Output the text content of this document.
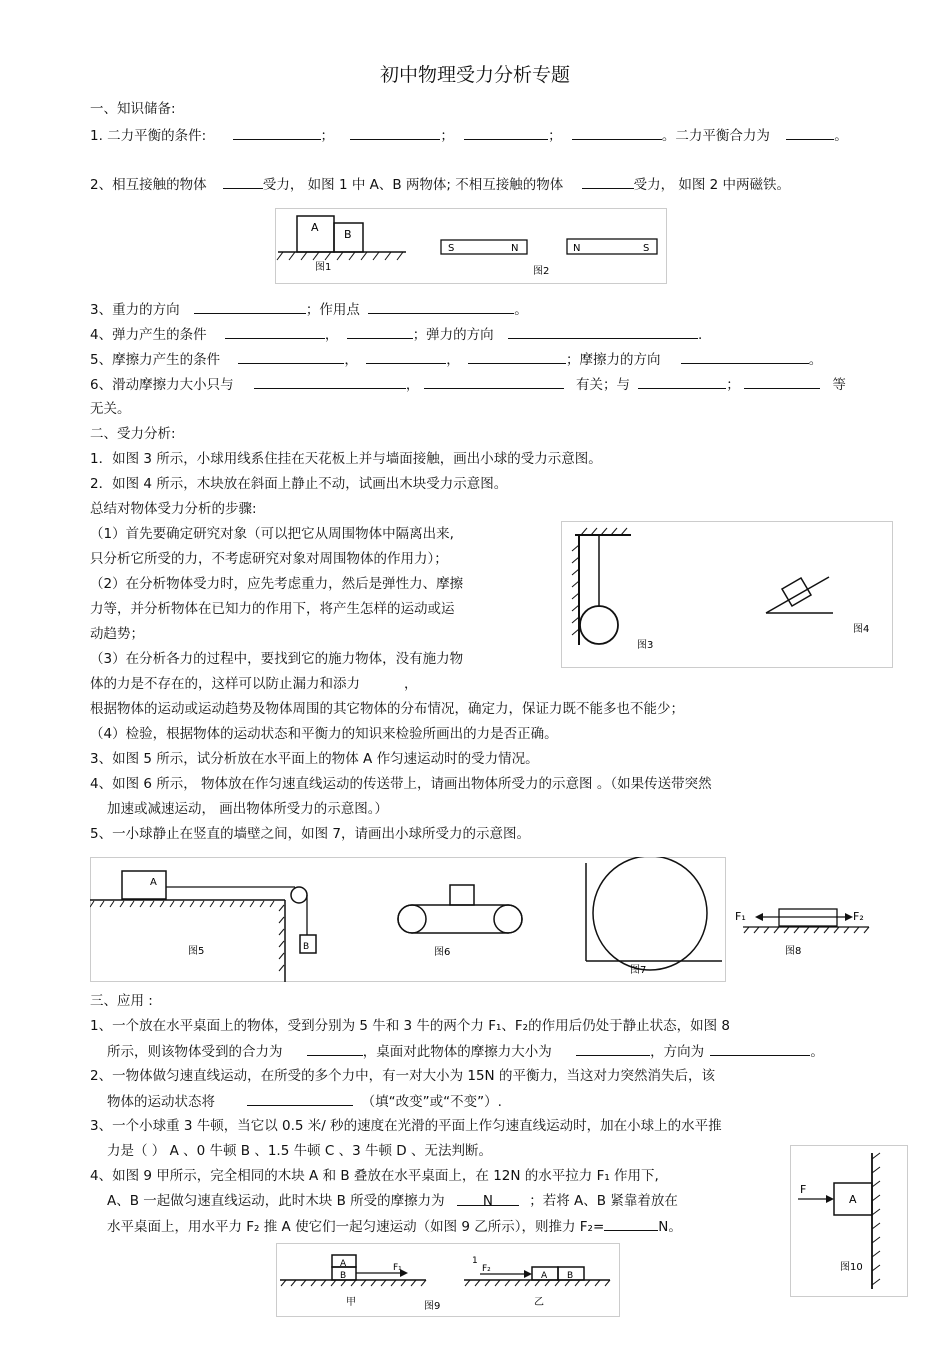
初中物理受力分析专题
一、知识储备:
1. 二力平衡的条件:	；	；	；	。二力平衡合力为	。
2、相互接触的物体	受力， 如图 1 中 A、B 两物体; 不相互接触的物体	受力， 如图 2 中两磁铁。
A
B
图1
S	N	N	S
图2
3、重力的方向	；作用点	。
4、弹力产生的条件	，	；弹力的方向	.
5、摩擦力产生的条件	，	，	；摩擦力的方向	。
6、滑动摩擦力大小只与	，	有关；与	；	等
无关。
二、受力分析:
1．如图 3 所示，小球用线系住挂在天花板上并与墙面接触，画出小球的受力示意图。
2．如图 4 所示，木块放在斜面上静止不动，试画出木块受力示意图。
总结对物体受力分析的步骤:
（1）首先要确定研究对象（可以把它从周围物体中隔离出来,
只分析它所受的力，不考虑研究对象对周围物体的作用力）；
（2）在分析物体受力时，应先考虑重力，然后是弹性力、摩擦
力等，并分析物体在已知力的作用下，将产生怎样的运动或运
动趋势；
（3）在分析各力的过程中，要找到它的施力物体，没有施力物
体的力是不存在的，这样可以防止漏力和添力	，
根据物体的运动或运动趋势及物体周围的其它物体的分布情况，确定力，保证力既不能多也不能少；
（4）检验，根据物体的运动状态和平衡力的知识来检验所画出的力是否正确。
3、如图 5 所示，试分析放在水平面上的物体 A 作匀速运动时的受力情况。
4、如图 6 所示， 物体放在作匀速直线运动的传送带上，请画出物体所受力的示意图 。（如果传送带突然
加速或减速运动， 画出物体所受力的示意图。）
5、一小球静止在竖直的墙壁之间，如图 7，请画出小球所受力的示意图。
图3
图4
A
B
图5	图6
图7
F₁	F₂
图8
三、应用 :
1、一个放在水平桌面上的物体，受到分别为 5 牛和 3 牛的两个力 F₁、F₂的作用后仍处于静止状态，如图 8
所示，则该物体受到的合力为	，桌面对此物体的摩擦力大小为	，方向为	。
2、一物体做匀速直线运动，在所受的多个力中，有一对大小为 15N 的平衡力，当这对力突然消失后，该
物体的运动状态将	（填“改变”或“不变”）.
3、一个小球重 3 牛顿，当它以 0.5 米/ 秒的速度在光滑的平面上作匀速直线运动时，加在小球上的水平推
力是（ ） A 、0 牛顿 B 、1.5 牛顿 C 、3 牛顿 D 、无法判断。
4、如图 9 甲所示，完全相同的木块 A 和 B 叠放在水平桌面上，在 12N 的水平拉力 F₁ 作用下,
A、B 一起做匀速直线运动，此时木块 B 所受的摩擦力为	N	；若将 A、B 紧靠着放在
水平桌面上，用水平力 F₂ 推 A 使它们一起匀速运动（如图 9 乙所示），则推力 F₂=	N。
A
B
F₁
甲
1
F₂
A B
乙
图9
A
F
图10
